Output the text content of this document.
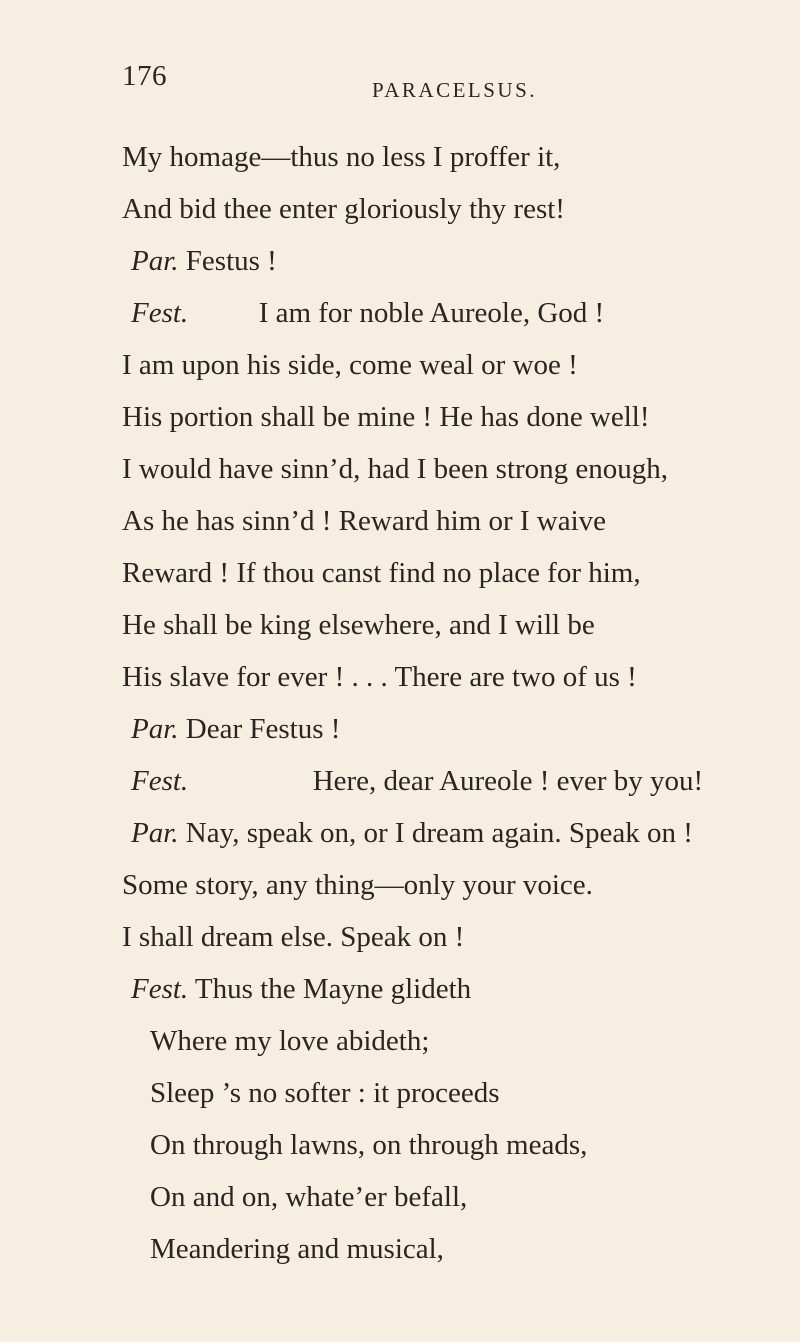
176	PARACELSUS.
My homage—thus no less I proffer it,
And bid thee enter gloriously thy rest!
Par. Festus !
Fest. I am for noble Aureole, God !
I am upon his side, come weal or woe !
His portion shall be mine ! He has done well!
I would have sinn’d, had I been strong enough,
As he has sinn’d ! Reward him or I waive
Reward ! If thou canst find no place for him,
He shall be king elsewhere, and I will be
His slave for ever ! . . . There are two of us !
Par. Dear Festus !
Fest.	Here, dear Aureole ! ever by you!
Par. Nay, speak on, or I dream again. Speak on !
Some story, any thing—only your voice.
I shall dream else. Speak on !
Fest. Thus the Mayne glideth
Where my love abideth;
Sleep ’s no softer : it proceeds
On through lawns, on through meads,
On and on, whate’er befall,
Meandering and musical,
